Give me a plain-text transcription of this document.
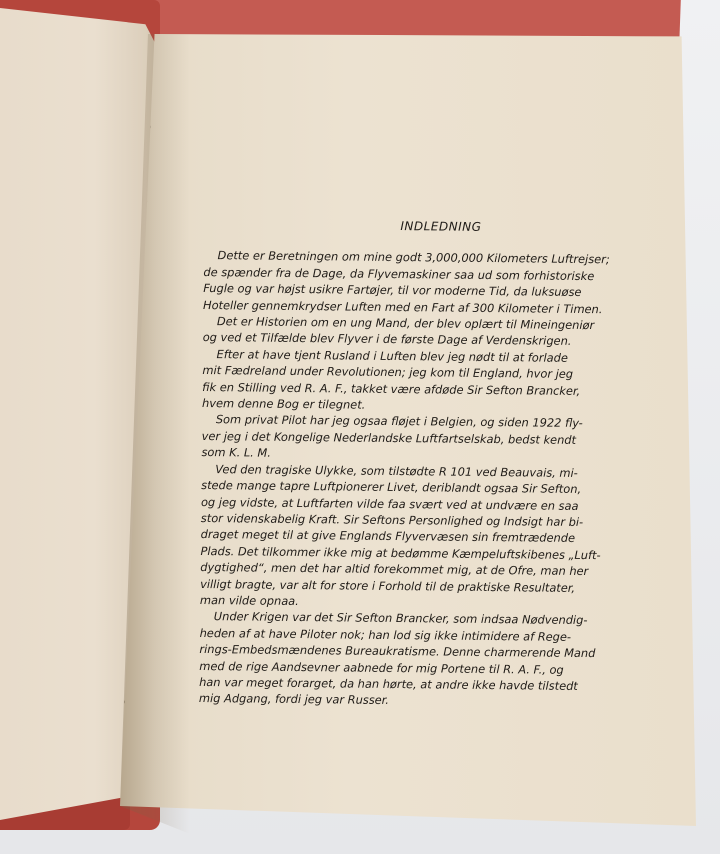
INDLEDNING

Dette er Beretningen om mine godt 3,000,000 Kilometers Luftrejser;
de spænder fra de Dage, da Flyvemaskiner saa ud som forhistoriske
Fugle og var højst usikre Fartøjer, til vor moderne Tid, da luksuøse
Hoteller gennemkrydser Luften med en Fart af 300 Kilometer i Timen.

Det er Historien om en ung Mand, der blev oplært til Mineingeniør
og ved et Tilfælde blev Flyver i de første Dage af Verdenskrigen.

Efter at have tjent Rusland i Luften blev jeg nødt til at forlade
mit Fædreland under Revolutionen; jeg kom til England, hvor jeg
fik en Stilling ved R. A. F., takket være afdøde Sir Sefton Brancker,
hvem denne Bog er tilegnet.

Som privat Pilot har jeg ogsaa fløjet i Belgien, og siden 1922 fly-
ver jeg i det Kongelige Nederlandske Luftfartselskab, bedst kendt
som K. L. M.

Ved den tragiske Ulykke, som tilstødte R 101 ved Beauvais, mi-
stede mange tapre Luftpionerer Livet, deriblandt ogsaa Sir Sefton,
og jeg vidste, at Luftfarten vilde faa svært ved at undvære en saa
stor videnskabelig Kraft. Sir Seftons Personlighed og Indsigt har bi-
draget meget til at give Englands Flyvervæsen sin fremtrædende
Plads. Det tilkommer ikke mig at bedømme Kæmpeluftskibenes „Luft-
dygtighed“, men det har altid forekommet mig, at de Ofre, man her
villigt bragte, var alt for store i Forhold til de praktiske Resultater,
man vilde opnaa.

Under Krigen var det Sir Sefton Brancker, som indsaa Nødvendig-
heden af at have Piloter nok; han lod sig ikke intimidere af Rege-
rings-Embedsmændenes Bureaukratisme. Denne charmerende Mand
med de rige Aandsevner aabnede for mig Portene til R. A. F., og
han var meget forarget, da han hørte, at andre ikke havde tilstedt
mig Adgang, fordi jeg var Russer.
